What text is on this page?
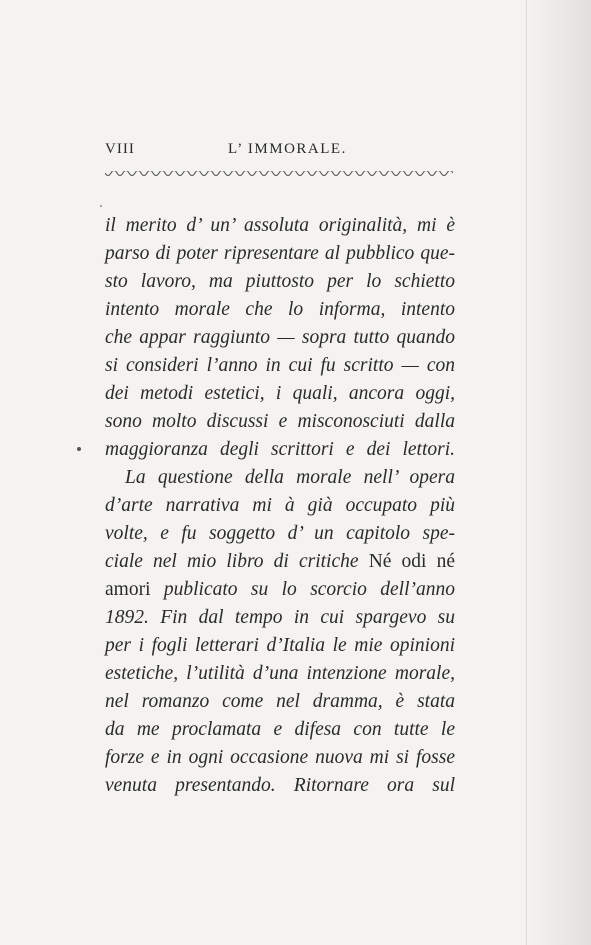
VIII	L’ IMMORALE.
il merito d’ un’ assoluta originalità, mi è
parso di poter ripresentare al pubblico que-
sto lavoro, ma piuttosto per lo schietto
intento morale che lo informa, intento
che appar raggiunto — sopra tutto quando
si consideri l’anno in cui fu scritto — con
dei metodi estetici, i quali, ancora oggi,
sono molto discussi e misconosciuti dalla
maggioranza degli scrittori e dei lettori.
La questione della morale nell’ opera
d’arte narrativa mi à già occupato più
volte, e fu soggetto d’ un capitolo spe-
ciale nel mio libro di critiche Né odi né
amori publicato su lo scorcio dell’anno
1892. Fin dal tempo in cui spargevo su
per i fogli letterari d’Italia le mie opinioni
estetiche, l’utilità d’una intenzione morale,
nel romanzo come nel dramma, è stata
da me proclamata e difesa con tutte le
forze e in ogni occasione nuova mi si fosse
venuta presentando. Ritornare ora sul
